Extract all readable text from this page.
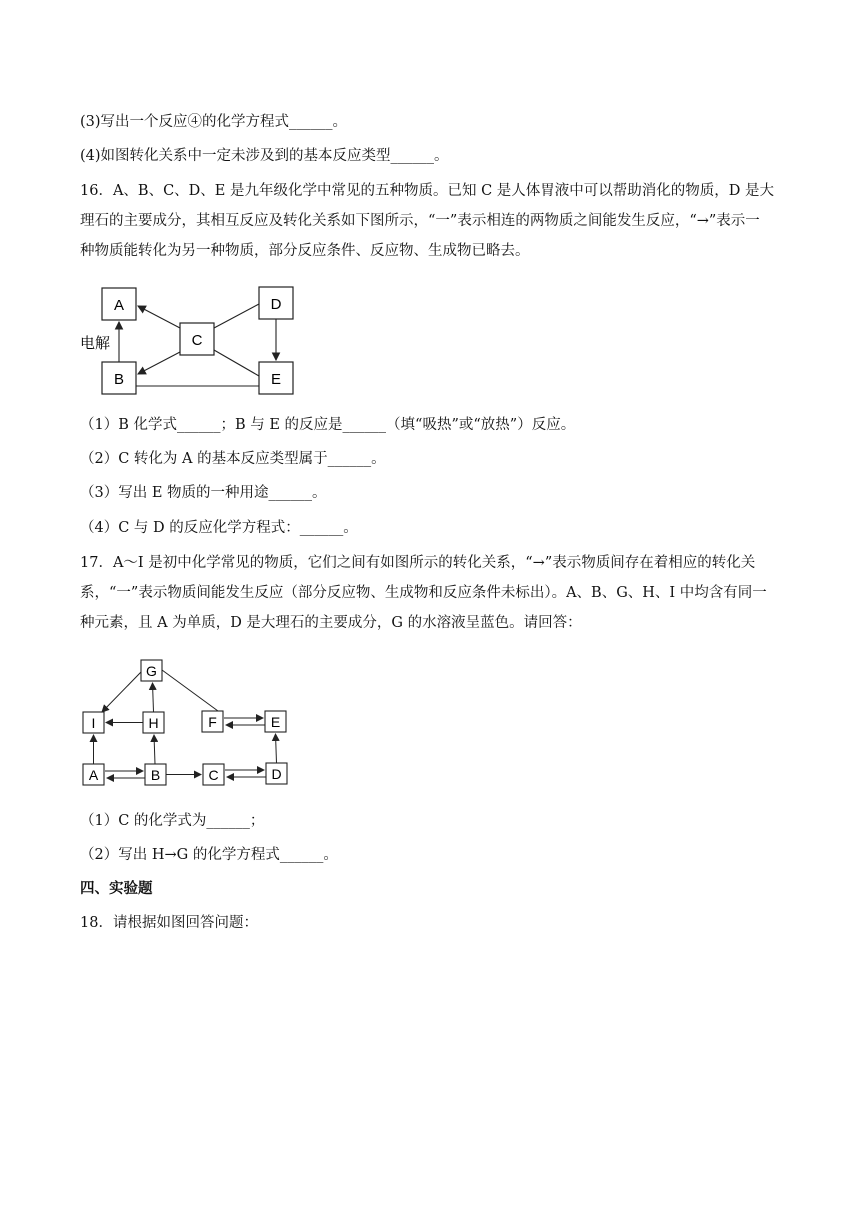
(3)写出一个反应④的化学方程式______。
(4)如图转化关系中一定未涉及到的基本反应类型______。
16．A、B、C、D、E 是九年级化学中常见的五种物质。已知 C 是人体胃液中可以帮助消化的物质，D 是大
理石的主要成分，其相互反应及转化关系如下图所示，“一”表示相连的两物质之间能发生反应，“→”表示一
种物质能转化为另一种物质，部分反应条件、反应物、生成物已略去。
A
C
D
B	E
电解
（1）B 化学式______；B 与 E 的反应是______（填“吸热”或“放热”）反应。
（2）C 转化为 A 的基本反应类型属于______。
（3）写出 E 物质的一种用途______。
（4）C 与 D 的反应化学方程式：______。
17．A～I 是初中化学常见的物质，它们之间有如图所示的转化关系，“→”表示物质间存在着相应的转化关
系，“一”表示物质间能发生反应（部分反应物、生成物和反应条件未标出）。A、B、G、H、I 中均含有同一
种元素，且 A 为单质，D 是大理石的主要成分，G 的水溶液呈蓝色。请回答：
G
I	H	F	E
A	B	C	D
（1）C 的化学式为______；
（2）写出 H→G 的化学方程式______。
四、实验题
18．请根据如图回答问题：
